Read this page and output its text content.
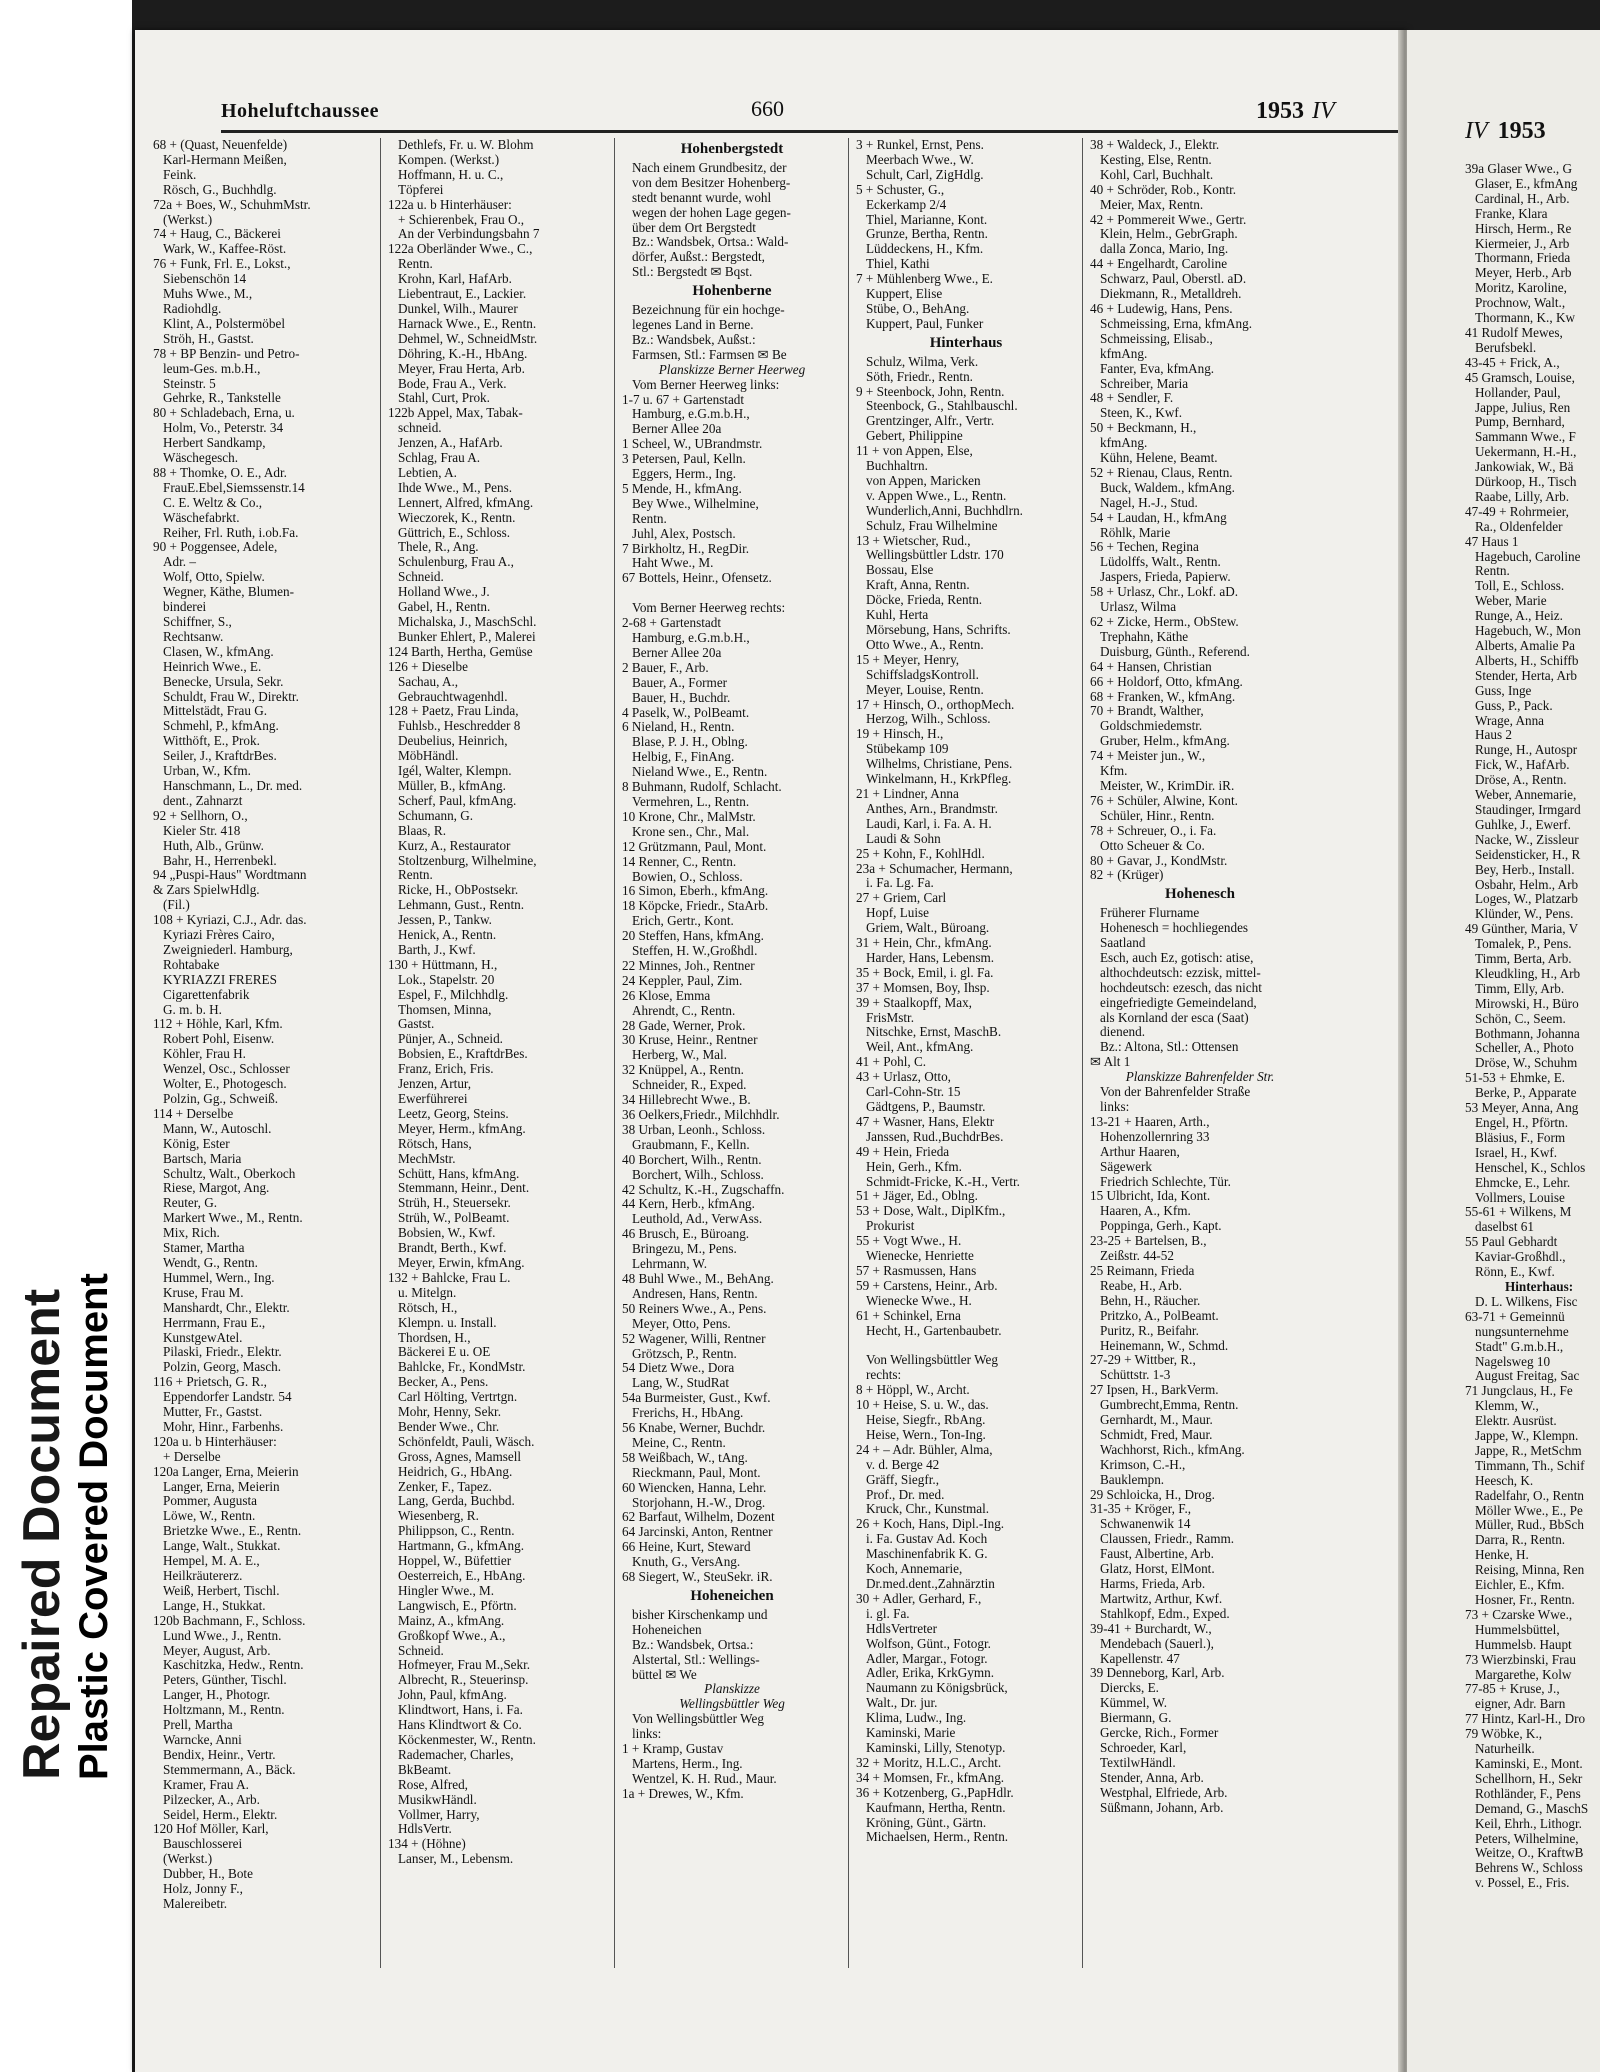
Repaired Document Plastic Covered Document
Hoheluftchaussee	660	1953 IV
68 + (Quast, Neuenfelde)
Karl-Hermann Meißen,
Feink.
Rösch, G., Buchhdlg.
72a + Boes, W., SchuhmMstr.
(Werkst.)
74 + Haug, C., Bäckerei
Wark, W., Kaffee-Röst.
76 + Funk, Frl. E., Lokst.,
Siebenschön 14
Muhs Wwe., M.,
Radiohdlg.
Klint, A., Polstermöbel
Ströh, H., Gastst.
78 + BP Benzin- und Petro-
leum-Ges. m.b.H.,
Steinstr. 5
Gehrke, R., Tankstelle
80 + Schladebach, Erna, u.
Holm, Vo., Peterstr. 34
Herbert Sandkamp,
Wäschegesch.
88 + Thomke, O. E., Adr.
FrauE.Ebel,Siemssenstr.14
C. E. Weltz & Co.,
Wäschefabrkt.
Reiher, Frl. Ruth, i.ob.Fa.
90 + Poggensee, Adele,
Adr. –
Wolf, Otto, Spielw.
Wegner, Käthe, Blumen-
binderei
Schiffner, S.,
Rechtsanw.
Clasen, W., kfmAng.
Heinrich Wwe., E.
Benecke, Ursula, Sekr.
Schuldt, Frau W., Direktr.
Mittelstädt, Frau G.
Schmehl, P., kfmAng.
Witthöft, E., Prok.
Seiler, J., KraftdrBes.
Urban, W., Kfm.
Hanschmann, L., Dr. med.
dent., Zahnarzt
92 + Sellhorn, O.,
Kieler Str. 418
Huth, Alb., Grünw.
Bahr, H., Herrenbekl.
94 „Puspi-Haus" Wordtmann
& Zars SpielwHdlg.
(Fil.)
108 + Kyriazi, C.J., Adr. das.
Kyriazi Frères Cairo,
Zweigniederl. Hamburg,
Rohtabake
KYRIAZZI FRERES
Cigarettenfabrik
G. m. b. H.
112 + Höhle, Karl, Kfm.
Robert Pohl, Eisenw.
Köhler, Frau H.
Wenzel, Osc., Schlosser
Wolter, E., Photogesch.
Polzin, Gg., Schweiß.
114 + Derselbe
Mann, W., Autoschl.
König, Ester
Bartsch, Maria
Schultz, Walt., Oberkoch
Riese, Margot, Ang.
Reuter, G.
Markert Wwe., M., Rentn.
Mix, Rich.
Stamer, Martha
Wendt, G., Rentn.
Hummel, Wern., Ing.
Kruse, Frau M.
Manshardt, Chr., Elektr.
Herrmann, Frau E.,
KunstgewAtel.
Pilaski, Friedr., Elektr.
Polzin, Georg, Masch.
116 + Prietsch, G. R.,
Eppendorfer Landstr. 54
Mutter, Fr., Gastst.
Mohr, Hinr., Farbenhs.
120a u. b Hinterhäuser:
+ Derselbe
120a Langer, Erna, Meierin
Langer, Erna, Meierin
Pommer, Augusta
Löwe, W., Rentn.
Brietzke Wwe., E., Rentn.
Lange, Walt., Stukkat.
Hempel, M. A. E.,
Heilkräutererz.
Weiß, Herbert, Tischl.
Lange, H., Stukkat.
120b Bachmann, F., Schloss.
Lund Wwe., J., Rentn.
Meyer, August, Arb.
Kaschitzka, Hedw., Rentn.
Peters, Günther, Tischl.
Langer, H., Photogr.
Holtzmann, M., Rentn.
Prell, Martha
Warncke, Anni
Bendix, Heinr., Vertr.
Stemmermann, A., Bäck.
Kramer, Frau A.
Pilzecker, A., Arb.
Seidel, Herm., Elektr.
120 Hof Möller, Karl,
Bauschlosserei
(Werkst.)
Dubber, H., Bote
Holz, Jonny F.,
Malereibetr.
Dethlefs, Fr. u. W. Blohm
Kompen. (Werkst.)
Hoffmann, H. u. C.,
Töpferei
122a u. b Hinterhäuser:
+ Schierenbek, Frau O.,
An der Verbindungsbahn 7
122a Oberländer Wwe., C.,
Rentn.
Krohn, Karl, HafArb.
Liebentraut, E., Lackier.
Dunkel, Wilh., Maurer
Harnack Wwe., E., Rentn.
Dehmel, W., SchneidMstr.
Döhring, K.-H., HbAng.
Meyer, Frau Herta, Arb.
Bode, Frau A., Verk.
Stahl, Curt, Prok.
122b Appel, Max, Tabak-
schneid.
Jenzen, A., HafArb.
Schlag, Frau A.
Lebtien, A.
Ihde Wwe., M., Pens.
Lennert, Alfred, kfmAng.
Wieczorek, K., Rentn.
Güttrich, E., Schloss.
Thele, R., Ang.
Schulenburg, Frau A.,
Schneid.
Holland Wwe., J.
Gabel, H., Rentn.
Michalska, J., MaschSchl.
Bunker Ehlert, P., Malerei
124 Barth, Hertha, Gemüse
126 + Dieselbe
Sachau, A.,
Gebrauchtwagenhdl.
128 + Paetz, Frau Linda,
Fuhlsb., Heschredder 8
Deubelius, Heinrich,
MöbHändl.
Igél, Walter, Klempn.
Müller, B., kfmAng.
Scherf, Paul, kfmAng.
Schumann, G.
Blaas, R.
Kurz, A., Restaurator
Stoltzenburg, Wilhelmine,
Rentn.
Ricke, H., ObPostsekr.
Lehmann, Gust., Rentn.
Jessen, P., Tankw.
Henick, A., Rentn.
Barth, J., Kwf.
130 + Hüttmann, H.,
Lok., Stapelstr. 20
Espel, F., Milchhdlg.
Thomsen, Minna,
Gastst.
Pünjer, A., Schneid.
Bobsien, E., KraftdrBes.
Franz, Erich, Fris.
Jenzen, Artur,
Ewerführerei
Leetz, Georg, Steins.
Meyer, Herm., kfmAng.
Rötsch, Hans,
MechMstr.
Schütt, Hans, kfmAng.
Stemmann, Heinr., Dent.
Strüh, H., Steuersekr.
Strüh, W., PolBeamt.
Bobsien, W., Kwf.
Brandt, Berth., Kwf.
Meyer, Erwin, kfmAng.
132 + Bahlcke, Frau L.
u. Mitelgn.
Rötsch, H.,
Klempn. u. Install.
Thordsen, H.,
Bäckerei E u. OE
Bahlcke, Fr., KondMstr.
Becker, A., Pens.
Carl Hölting, Vertrtgn.
Mohr, Henny, Sekr.
Bender Wwe., Chr.
Schönfeldt, Pauli, Wäsch.
Gross, Agnes, Mamsell
Heidrich, G., HbAng.
Zenker, F., Tapez.
Lang, Gerda, Buchbd.
Wiesenberg, R.
Philippson, C., Rentn.
Hartmann, G., kfmAng.
Hoppel, W., Büfettier
Oesterreich, E., HbAng.
Hingler Wwe., M.
Langwisch, E., Pförtn.
Mainz, A., kfmAng.
Großkopf Wwe., A.,
Schneid.
Hofmeyer, Frau M.,Sekr.
Albrecht, R., Steuerinsp.
John, Paul, kfmAng.
Klindtwort, Hans, i. Fa.
Hans Klindtwort & Co.
Köckenmester, W., Rentn.
Rademacher, Charles,
BkBeamt.
Rose, Alfred,
MusikwHändl.
Vollmer, Harry,
HdlsVertr.
134 + (Höhne)
Lanser, M., Lebensm.
Hohenbergstedt
Nach einem Grundbesitz, der
von dem Besitzer Hohenberg-
stedt benannt wurde, wohl
wegen der hohen Lage gegen-
über dem Ort Bergstedt
Bz.: Wandsbek, Ortsa.: Wald-
dörfer, Außst.: Bergstedt,
Stl.: Bergstedt ✉ Bqst.
Hohenberne
Bezeichnung für ein hochge-
legenes Land in Berne.
Bz.: Wandsbek, Außst.:
Farmsen, Stl.: Farmsen ✉ Be
Planskizze Berner Heerweg
Vom Berner Heerweg links:
1-7 u. 67 + Gartenstadt
Hamburg, e.G.m.b.H.,
Berner Allee 20a
1 Scheel, W., UBrandmstr.
3 Petersen, Paul, Kelln.
Eggers, Herm., Ing.
5 Mende, H., kfmAng.
Bey Wwe., Wilhelmine,
Rentn.
Juhl, Alex, Postsch.
7 Birkholtz, H., RegDir.
Haht Wwe., M.
67 Bottels, Heinr., Ofensetz.

Vom Berner Heerweg rechts:
2-68 + Gartenstadt
Hamburg, e.G.m.b.H.,
Berner Allee 20a
2 Bauer, F., Arb.
Bauer, A., Former
Bauer, H., Buchdr.
4 Paselk, W., PolBeamt.
6 Nieland, H., Rentn.
Blase, P. J. H., Oblng.
Helbig, F., FinAng.
Nieland Wwe., E., Rentn.
8 Buhmann, Rudolf, Schlacht.
Vermehren, L., Rentn.
10 Krone, Chr., MalMstr.
Krone sen., Chr., Mal.
12 Grützmann, Paul, Mont.
14 Renner, C., Rentn.
Bowien, O., Schloss.
16 Simon, Eberh., kfmAng.
18 Köpcke, Friedr., StaArb.
Erich, Gertr., Kont.
20 Steffen, Hans, kfmAng.
Steffen, H. W.,Großhdl.
22 Minnes, Joh., Rentner
24 Keppler, Paul, Zim.
26 Klose, Emma
Ahrendt, C., Rentn.
28 Gade, Werner, Prok.
30 Kruse, Heinr., Rentner
Herberg, W., Mal.
32 Knüppel, A., Rentn.
Schneider, R., Exped.
34 Hillebrecht Wwe., B.
36 Oelkers,Friedr., Milchhdlr.
38 Urban, Leonh., Schloss.
Graubmann, F., Kelln.
40 Borchert, Wilh., Rentn.
Borchert, Wilh., Schloss.
42 Schultz, K.-H., Zugschaffn.
44 Kern, Herb., kfmAng.
Leuthold, Ad., VerwAss.
46 Brusch, E., Büroang.
Bringezu, M., Pens.
Lehrmann, W.
48 Buhl Wwe., M., BehAng.
Andresen, Hans, Rentn.
50 Reiners Wwe., A., Pens.
Meyer, Otto, Pens.
52 Wagener, Willi, Rentner
Grötzsch, P., Rentn.
54 Dietz Wwe., Dora
Lang, W., StudRat
54a Burmeister, Gust., Kwf.
Frerichs, H., HbAng.
56 Knabe, Werner, Buchdr.
Meine, C., Rentn.
58 Weißbach, W., tAng.
Rieckmann, Paul, Mont.
60 Wiencken, Hanna, Lehr.
Storjohann, H.-W., Drog.
62 Barfaut, Wilhelm, Dozent
64 Jarcinski, Anton, Rentner
66 Heine, Kurt, Steward
Knuth, G., VersAng.
68 Siegert, W., SteuSekr. iR.
Hoheneichen
bisher Kirschenkamp und
Hoheneichen
Bz.: Wandsbek, Ortsa.:
Alstertal, Stl.: Wellings-
büttel ✉ We
Planskizze
Wellingsbüttler Weg
Von Wellingsbüttler Weg
links:
1 + Kramp, Gustav
Martens, Herm., Ing.
Wentzel, K. H. Rud., Maur.
1a + Drewes, W., Kfm.
3 + Runkel, Ernst, Pens.
Meerbach Wwe., W.
Schult, Carl, ZigHdlg.
5 + Schuster, G.,
Eckerkamp 2/4
Thiel, Marianne, Kont.
Grunze, Bertha, Rentn.
Lüddeckens, H., Kfm.
Thiel, Kathi
7 + Mühlenberg Wwe., E.
Kuppert, Elise
Stübe, O., BehAng.
Kuppert, Paul, Funker
Hinterhaus
Schulz, Wilma, Verk.
Söth, Friedr., Rentn.
9 + Steenbock, John, Rentn.
Steenbock, G., Stahlbauschl.
Grentzinger, Alfr., Vertr.
Gebert, Philippine
11 + von Appen, Else,
Buchhaltrn.
von Appen, Maricken
v. Appen Wwe., L., Rentn.
Wunderlich,Anni, Buchhdlrn.
Schulz, Frau Wilhelmine
13 + Wietscher, Rud.,
Wellingsbüttler Ldstr. 170
Bossau, Else
Kraft, Anna, Rentn.
Döcke, Frieda, Rentn.
Kuhl, Herta
Mörsebung, Hans, Schrifts.
Otto Wwe., A., Rentn.
15 + Meyer, Henry,
SchiffsladgsKontroll.
Meyer, Louise, Rentn.
17 + Hinsch, O., orthopMech.
Herzog, Wilh., Schloss.
19 + Hinsch, H.,
Stübekamp 109
Wilhelms, Christiane, Pens.
Winkelmann, H., KrkPfleg.
21 + Lindner, Anna
Anthes, Arn., Brandmstr.
Laudi, Karl, i. Fa. A. H.
Laudi & Sohn
25 + Kohn, F., KohlHdl.
23a + Schumacher, Hermann,
i. Fa. Lg. Fa.
27 + Griem, Carl
Hopf, Luise
Griem, Walt., Büroang.
31 + Hein, Chr., kfmAng.
Harder, Hans, Lebensm.
35 + Bock, Emil, i. gl. Fa.
37 + Momsen, Boy, Ihsp.
39 + Staalkopff, Max,
FrisMstr.
Nitschke, Ernst, MaschB.
Weil, Ant., kfmAng.
41 + Pohl, C.
43 + Urlasz, Otto,
Carl-Cohn-Str. 15
Gädtgens, P., Baumstr.
47 + Wasner, Hans, Elektr
Janssen, Rud.,BuchdrBes.
49 + Hein, Frieda
Hein, Gerh., Kfm.
Schmidt-Fricke, K.-H., Vertr.
51 + Jäger, Ed., Oblng.
53 + Dose, Walt., DiplKfm.,
Prokurist
55 + Vogt Wwe., H.
Wienecke, Henriette
57 + Rasmussen, Hans
59 + Carstens, Heinr., Arb.
Wienecke Wwe., H.
61 + Schinkel, Erna
Hecht, H., Gartenbaubetr.

Von Wellingsbüttler Weg
rechts:
8 + Höppl, W., Archt.
10 + Heise, S. u. W., das.
Heise, Siegfr., RbAng.
Heise, Wern., Ton-Ing.
24 + – Adr. Bühler, Alma,
v. d. Berge 42
Gräff, Siegfr.,
Prof., Dr. med.
Kruck, Chr., Kunstmal.
26 + Koch, Hans, Dipl.-Ing.
i. Fa. Gustav Ad. Koch
Maschinenfabrik K. G.
Koch, Annemarie,
Dr.med.dent.,Zahnärztin
30 + Adler, Gerhard, F.,
i. gl. Fa.
HdlsVertreter
Wolfson, Günt., Fotogr.
Adler, Margar., Fotogr.
Adler, Erika, KrkGymn.
Naumann zu Königsbrück,
Walt., Dr. jur.
Klima, Ludw., Ing.
Kaminski, Marie
Kaminski, Lilly, Stenotyp.
32 + Moritz, H.L.C., Archt.
34 + Momsen, Fr., kfmAng.
36 + Kotzenberg, G.,PapHdlr.
Kaufmann, Hertha, Rentn.
Kröning, Günt., Gärtn.
Michaelsen, Herm., Rentn.
38 + Waldeck, J., Elektr.
Kesting, Else, Rentn.
Kohl, Carl, Buchhalt.
40 + Schröder, Rob., Kontr.
Meier, Max, Rentn.
42 + Pommereit Wwe., Gertr.
Klein, Helm., GebrGraph.
dalla Zonca, Mario, Ing.
44 + Engelhardt, Caroline
Schwarz, Paul, Oberstl. aD.
Diekmann, R., Metalldreh.
46 + Ludewig, Hans, Pens.
Schmeissing, Erna, kfmAng.
Schmeissing, Elisab.,
kfmAng.
Fanter, Eva, kfmAng.
Schreiber, Maria
48 + Sendler, F.
Steen, K., Kwf.
50 + Beckmann, H.,
kfmAng.
Kühn, Helene, Beamt.
52 + Rienau, Claus, Rentn.
Buck, Waldem., kfmAng.
Nagel, H.-J., Stud.
54 + Laudan, H., kfmAng
Röhlk, Marie
56 + Techen, Regina
Lüdolffs, Walt., Rentn.
Jaspers, Frieda, Papierw.
58 + Urlasz, Chr., Lokf. aD.
Urlasz, Wilma
62 + Zicke, Herm., ObStew.
Trephahn, Käthe
Duisburg, Günth., Referend.
64 + Hansen, Christian
66 + Holdorf, Otto, kfmAng.
68 + Franken, W., kfmAng.
70 + Brandt, Walther,
Goldschmiedemstr.
Gruber, Helm., kfmAng.
74 + Meister jun., W.,
Kfm.
Meister, W., KrimDir. iR.
76 + Schüler, Alwine, Kont.
Schüler, Hinr., Rentn.
78 + Schreuer, O., i. Fa.
Otto Scheuer & Co.
80 + Gavar, J., KondMstr.
82 + (Krüger)
Hohenesch
Früherer Flurname
Hohenesch = hochliegendes
Saatland
Esch, auch Ez, gotisch: atise,
althochdeutsch: ezzisk, mittel-
hochdeutsch: ezesch, das nicht
eingefriedigte Gemeindeland,
als Kornland der esca (Saat)
dienend.
Bz.: Altona, Stl.: Ottensen
✉ Alt 1
Planskizze Bahrenfelder Str.
Von der Bahrenfelder Straße
links:
13-21 + Haaren, Arth.,
Hohenzollernring 33
Arthur Haaren,
Sägewerk
Friedrich Schlechte, Tür.
15 Ulbricht, Ida, Kont.
Haaren, A., Kfm.
Poppinga, Gerh., Kapt.
23-25 + Bartelsen, B.,
Zeißstr. 44-52
25 Reimann, Frieda
Reabe, H., Arb.
Behn, H., Räucher.
Pritzko, A., PolBeamt.
Puritz, R., Beifahr.
Heinemann, W., Schmd.
27-29 + Wittber, R.,
Schüttstr. 1-3
27 Ipsen, H., BarkVerm.
Gumbrecht,Emma, Rentn.
Gernhardt, M., Maur.
Schmidt, Fred, Maur.
Wachhorst, Rich., kfmAng.
Krimson, C.-H.,
Bauklempn.
29 Schloicka, H., Drog.
31-35 + Kröger, F.,
Schwanenwik 14
Claussen, Friedr., Ramm.
Faust, Albertine, Arb.
Glatz, Horst, ElMont.
Harms, Frieda, Arb.
Martwitz, Arthur, Kwf.
Stahlkopf, Edm., Exped.
39-41 + Burchardt, W.,
Mendebach (Sauerl.),
Kapellenstr. 47
39 Denneborg, Karl, Arb.
Diercks, E.
Kümmel, W.
Biermann, G.
Gercke, Rich., Former
Schroeder, Karl,
TextilwHändl.
Stender, Anna, Arb.
Westphal, Elfriede, Arb.
Süßmann, Johann, Arb.
IV 1953
39a Glaser Wwe., G
Glaser, E., kfmAng
Cardinal, H., Arb.
Franke, Klara
Hirsch, Herm., Re
Kiermeier, J., Arb
Thormann, Frieda
Meyer, Herb., Arb
Moritz, Karoline,
Prochnow, Walt.,
Thormann, K., Kw
41 Rudolf Mewes,
Berufsbekl.
43-45 + Frick, A.,
45 Gramsch, Louise,
Hollander, Paul,
Jappe, Julius, Ren
Pump, Bernhard,
Sammann Wwe., F
Uekermann, H.-H.,
Jankowiak, W., Bä
Dürkoop, H., Tisch
Raabe, Lilly, Arb.
47-49 + Rohrmeier,
Ra., Oldenfelder
47 Haus 1
Hagebuch, Caroline
Rentn.
Toll, E., Schloss.
Weber, Marie
Runge, A., Heiz.
Hagebuch, W., Mon
Alberts, Amalie Pa
Alberts, H., Schiffb
Stender, Herta, Arb
Guss, Inge
Guss, P., Pack.
Wrage, Anna
Haus 2
Runge, H., Autospr
Fick, W., HafArb.
Dröse, A., Rentn.
Weber, Annemarie,
Staudinger, Irmgard
Guhlke, J., Ewerf.
Nacke, W., Zissleur
Seidensticker, H., R
Bey, Herb., Install.
Osbahr, Helm., Arb
Loges, W., Platzarb
Klünder, W., Pens.
49 Günther, Maria, V
Tomalek, P., Pens.
Timm, Berta, Arb.
Kleudkling, H., Arb
Timm, Elly, Arb.
Mirowski, H., Büro
Schön, C., Seem.
Bothmann, Johanna
Scheller, A., Photo
Dröse, W., Schuhm
51-53 + Ehmke, E.
Berke, P., Apparate
53 Meyer, Anna, Ang
Engel, H., Pförtn.
Bläsius, F., Form
Israel, H., Kwf.
Henschel, K., Schlos
Ehmcke, E., Lehr.
Vollmers, Louise
55-61 + Wilkens, M
daselbst 61
55 Paul Gebhardt
Kaviar-Großhdl.,
Rönn, E., Kwf.
Hinterhaus:
D. L. Wilkens, Fisc
63-71 + Gemeinnü
nungsunternehme
Stadt" G.m.b.H.,
Nagelsweg 10
August Freitag, Sac
71 Jungclaus, H., Fe
Klemm, W.,
Elektr. Ausrüst.
Jappe, W., Klempn.
Jappe, R., MetSchm
Timmann, Th., Schif
Heesch, K.
Radelfahr, O., Rentn
Möller Wwe., E., Pe
Müller, Rud., BbSch
Darra, R., Rentn.
Henke, H.
Reising, Minna, Ren
Eichler, E., Kfm.
Hosner, Fr., Rentn.
73 + Czarske Wwe.,
Hummelsbüttel,
Hummelsb. Haupt
73 Wierzbinski, Frau
Margarethe, Kolw
77-85 + Kruse, J.,
eigner, Adr. Barn
77 Hintz, Karl-H., Dro
79 Wöbke, K.,
Naturheilk.
Kaminski, E., Mont.
Schellhorn, H., Sekr
Rothländer, F., Pens
Demand, G., MaschS
Keil, Ehrh., Lithogr.
Peters, Wilhelmine,
Weitze, O., KraftwB
Behrens W., Schloss
v. Possel, E., Fris.
